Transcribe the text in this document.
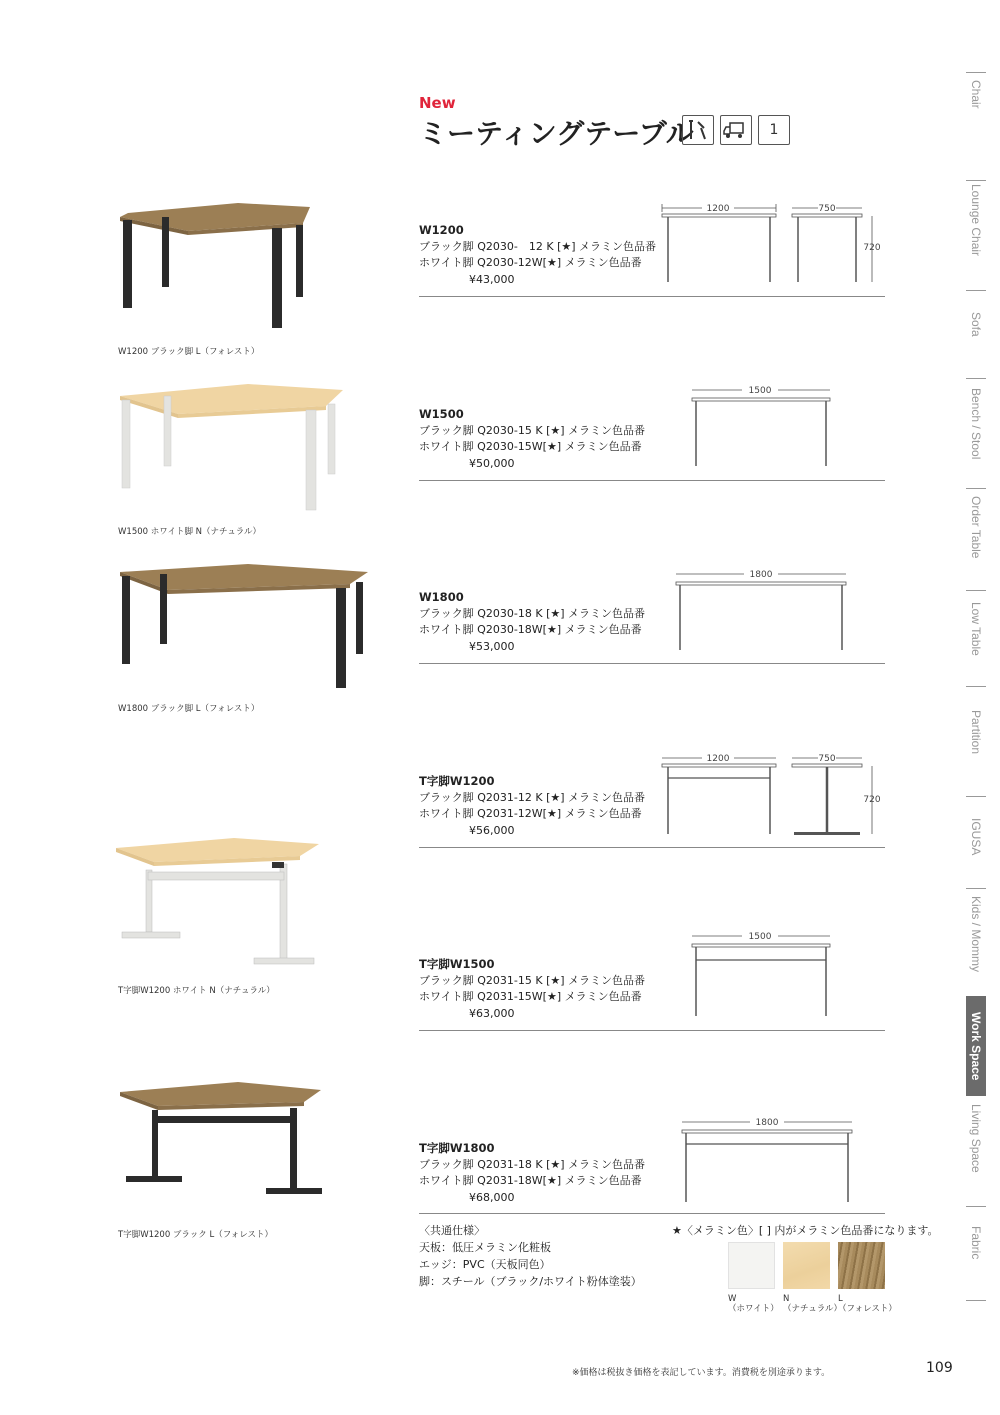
New
ミーティングテーブル	1
W1200 ブラック脚 L（フォレスト）
W1500 ホワイト脚 N（ナチュラル）
W1800 ブラック脚 L（フォレスト）
T字脚W1200 ホワイト N（ナチュラル）
T字脚W1200 ブラック L（フォレスト）
W1200
ブラック脚 Q2030-　12 K [★] メラミン色品番
ホワイト脚 Q2030-12W[★] メラミン色品番
¥43,000
1200	750
720
W1500
ブラック脚 Q2030-15 K [★] メラミン色品番
ホワイト脚 Q2030-15W[★] メラミン色品番
¥50,000
1500
W1800
ブラック脚 Q2030-18 K [★] メラミン色品番
ホワイト脚 Q2030-18W[★] メラミン色品番
¥53,000
1800
T字脚W1200
ブラック脚 Q2031-12 K [★] メラミン色品番
ホワイト脚 Q2031-12W[★] メラミン色品番
¥56,000
1200	750
720
T字脚W1500
ブラック脚 Q2031-15 K [★] メラミン色品番
ホワイト脚 Q2031-15W[★] メラミン色品番
¥63,000
1500
T字脚W1800
ブラック脚 Q2031-18 K [★] メラミン色品番
ホワイト脚 Q2031-18W[★] メラミン色品番
¥68,000
1800
〈共通仕様〉
天板：低圧メラミン化粧板
エッジ：PVC（天板同色）
脚：スチール（ブラック/ホワイト粉体塗装）
★〈メラミン色〉[ ] 内がメラミン色品番になります。
W
（ホワイト）
N
（ナチュラル）
L
（フォレスト）
※価格は税抜き価格を表記しています。消費税を別途承ります。	109
Chair
Lounge Chair
Sofa
Bench / Stool
Order Table
Low Table
Partition
IGUSA
Kids / Mommy
Work Space
Living Space
Fabric
